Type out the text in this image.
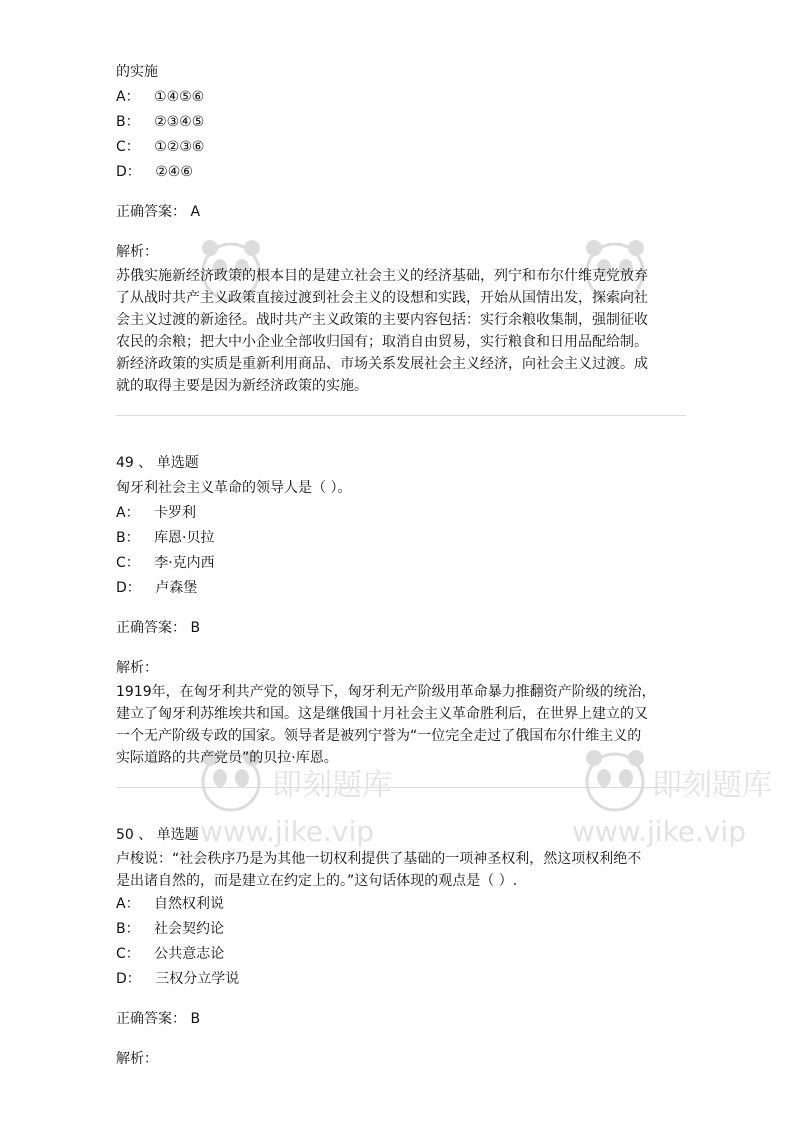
即刻题库	即刻题库
www.jike.vip	www.jike.vip
的实施
A： ①④⑤⑥
B： ②③④⑤
C： ①②③⑥
D： ②④⑥
正确答案： A
解析：
苏俄实施新经济政策的根本目的是建立社会主义的经济基础，列宁和布尔什维克党放弃
了从战时共产主义政策直接过渡到社会主义的设想和实践，开始从国情出发，探索向社
会主义过渡的新途径。战时共产主义政策的主要内容包括：实行余粮收集制，强制征收
农民的余粮；把大中小企业全部收归国有；取消自由贸易，实行粮食和日用品配给制。
新经济政策的实质是重新利用商品、市场关系发展社会主义经济，向社会主义过渡。成
就的取得主要是因为新经济政策的实施。
49 、 单选题
匈牙利社会主义革命的领导人是（ ）。
A： 卡罗利
B： 库恩·贝拉
C： 李·克内西
D： 卢森堡
正确答案： B
解析：
1919年，在匈牙利共产党的领导下，匈牙利无产阶级用革命暴力推翻资产阶级的统治，
建立了匈牙利苏维埃共和国。这是继俄国十月社会主义革命胜利后，在世界上建立的又
一个无产阶级专政的国家。领导者是被列宁誉为“一位完全走过了俄国布尔什维主义的
实际道路的共产党员”的贝拉·库恩。
50 、 单选题
卢梭说：“社会秩序乃是为其他一切权利提供了基础的一项神圣权利，然这项权利绝不
是出诸自然的，而是建立在约定上的。”这句话体现的观点是（ ）.
A： 自然权利说
B： 社会契约论
C： 公共意志论
D： 三权分立学说
正确答案： B
解析：
